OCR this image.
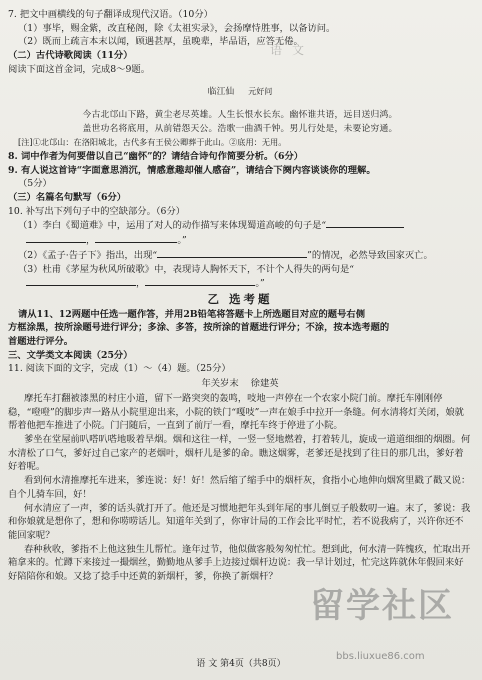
语文

7. 把文中画横线的句子翻译成现代汉语。（10分）

（1）事毕，赐金紫，改直秘阁，除《太祖实录》，会扬摩恃胜事，以备访问。

（2）既而上疏言本末以闻，顾遇甚厚，虽晚辈，毕品语，应答无倦。

（二）古代诗歌阅读（11分）

阅读下面这首金词，完成8～9题。

临江仙 元好问

今古北邙山下路，黄尘老尽英雄。人生长恨水长东。幽怀谁共语，远目送归鸿。

盖世功名将底用，从前错怨天公。浩歌一曲酒千钟。男儿行处是，未要论穷通。

[注]①北邙山：在洛阳城北，古代多有王侯公卿葬于此山。②底用：无用。

8. 词中作者为何要借以自己“幽怀”的？请结合诗句作简要分析。（6分）

9. 有人说这首诗“字面意思消沉，情感意趣却催人感奋”，请结合下阕内容谈谈你的理解。

（5分）

（三）名篇名句默写（6分）

10. 补写出下列句子中的空缺部分。（6分）

（1）李白《蜀道难》中，运用了对人的动作描写来体现蜀道高峻的句子是“

，	。”

（2）《孟子·告子下》指出，出现“	”的情况，必然导致国家灭亡。

（3）杜甫《茅屋为秋风所破歌》中，表现诗人胸怀天下，不计个人得失的两句是“

，	。”

乙 选考题

请从11、12两题中任选一题作答，并用2B铅笔将答题卡上所选题目对应的题号右侧

方框涂黑，按所涂题号进行评分；多涂、多答，按所涂的首题进行评分；不涂，按本选考题的

首题进行评分。

三、文学类文本阅读（25分）

11. 阅读下面的文字，完成（1）～（4）题。（25分）

年关岁末 徐建英

摩托车打翻被漆黑的村庄小道，留下一路突突的轰鸣，吱地一声停在一个农家小院门前。摩托车刚刚停稳，“噔噔”的脚步声一路从小院里迎出来，小院的铁门“嘎吱”一声在娘手中拉开一条缝。何水清将灯关闭，娘就帮着他把车推进了小院。门闩随后，一直到了前厅一看，摩托车终于停进了小院。

爹坐在堂屋前叭嗒叭嗒地吸着旱烟。烟和这往一样，一竖一竖地燃着，打着转儿，旋成一道道细细的烟圈。何水清松了口气，爹好过自己家产的老烟叶，烟杆儿是爹的命。瞧这烟雾，老爹还是找到了往日的那几出，爹好着好着呢。

看到何水清推摩托车进来，爹连说：好！好！然后缩了缩手中的烟杆灰，食指小心地伸向烟窝里戳了戳又说：自个儿骑车回，好！

何水清应了一声，爹的话头就打开了。他还是习惯地把年头到年尾的事儿倒豆子般数叨一遍。末了，爹说：我和你娘就是想你了，想和你唠唠话儿。知道年关到了，你审计局的工作会比平时忙，若不说我病了，兴许你还不能回家呢？

春种秋收，爹指不上他这独生儿帮忙。逢年过节，他似做客般匆匆忙忙。想到此，何水清一阵愧疚，忙取出开箱拿来的。忙蹲下来接过一撮烟丝，勤勤地从爹手上边接过烟杆边说：我一早计划过，忙完这阵就休年假回来好好陪陪你和娘。又捻了捻手中还黄的新烟杆，爹，你换了新烟杆？

语 文 第4页（共8页）
留学社区
bbs.liuxue86.com
